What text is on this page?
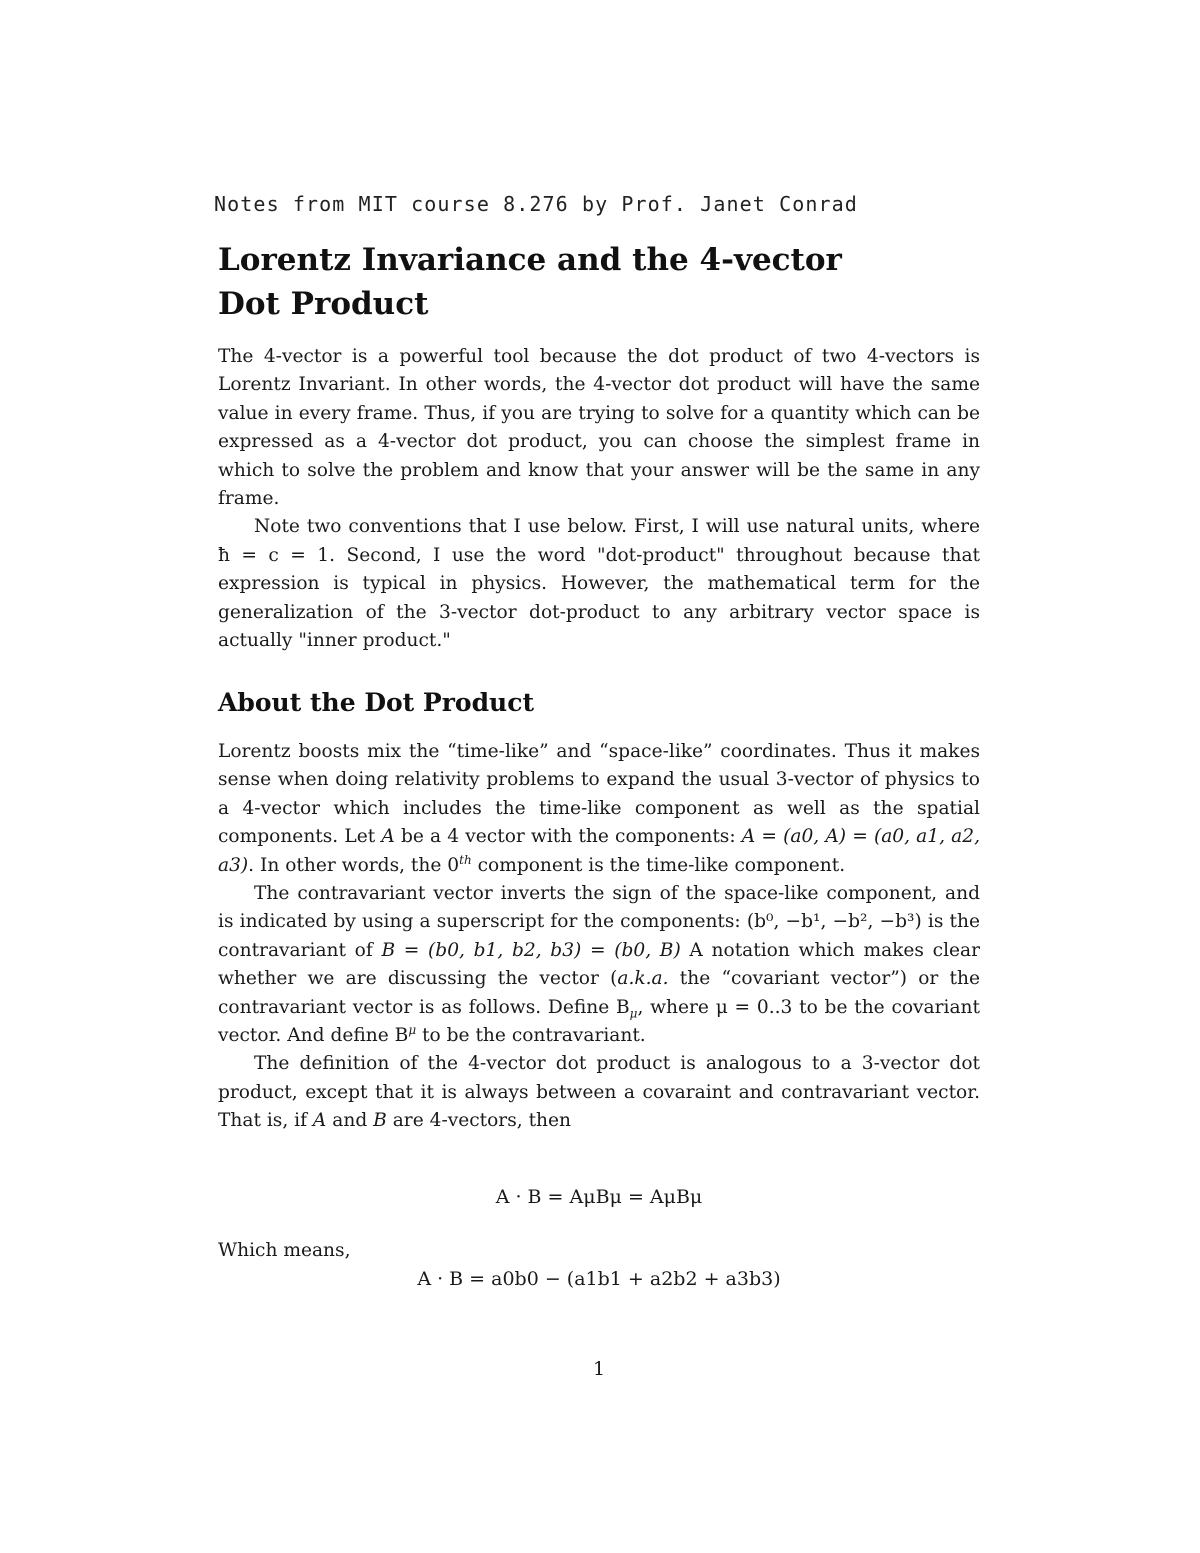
Notes from MIT course 8.276 by Prof. Janet Conrad
Lorentz Invariance and the 4-vector
Dot Product

The 4-vector is a powerful tool because the dot product of two 4-vectors is Lorentz Invariant. In other words, the 4-vector dot product will have the same value in every frame. Thus, if you are trying to solve for a quantity which can be expressed as a 4-vector dot product, you can choose the simplest frame in which to solve the problem and know that your answer will be the same in any frame.

Note two conventions that I use below. First, I will use natural units, where ħ = c = 1. Second, I use the word "dot-product" throughout because that expression is typical in physics. However, the mathematical term for the generalization of the 3-vector dot-product to any arbitrary vector space is actually "inner product."

About the Dot Product

Lorentz boosts mix the “time-like” and “space-like” coordinates. Thus it makes sense when doing relativity problems to expand the usual 3-vector of physics to a 4-vector which includes the time-like component as well as the spatial components. Let A be a 4 vector with the components: A = (a0, A) = (a0, a1, a2, a3). In other words, the 0th component is the time-like component.

The contravariant vector inverts the sign of the space-like component, and is indicated by using a superscript for the components: (b⁰, −b¹, −b², −b³) is the contravariant of B = (b0, b1, b2, b3) = (b0, B) A notation which makes clear whether we are discussing the vector (a.k.a. the “covariant vector”) or the contravariant vector is as follows. Define $B_\mu$, where μ = 0..3 to be the covariant vector. And define $B^\mu$ to be the contravariant.

The definition of the 4-vector dot product is analogous to a 3-vector dot product, except that it is always between a covaraint and contravariant vector. That is, if A and B are 4-vectors, then

A · B = AμBμ = AμBμ
Which means,
A · B = a0b0 − (a1b1 + a2b2 + a3b3)
1
